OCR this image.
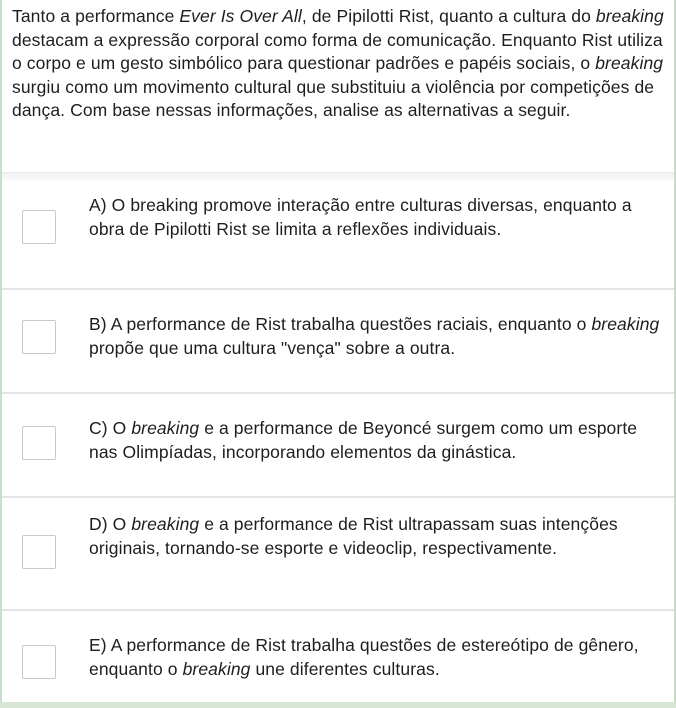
Tanto a performance Ever Is Over All, de Pipilotti Rist, quanto a cultura do breaking destacam a expressão corporal como forma de comunicação. Enquanto Rist utiliza o corpo e um gesto simbólico para questionar padrões e papéis sociais, o breaking surgiu como um movimento cultural que substituiu a violência por competições de dança. Com base nessas informações, analise as alternativas a seguir.
A) O breaking promove interação entre culturas diversas, enquanto a obra de Pipilotti Rist se limita a reflexões individuais.
B) A performance de Rist trabalha questões raciais, enquanto o breaking propõe que uma cultura "vença" sobre a outra.
C) O breaking e a performance de Beyoncé surgem como um esporte nas Olimpíadas, incorporando elementos da ginástica.
D) O breaking e a performance de Rist ultrapassam suas intenções originais, tornando-se esporte e videoclip, respectivamente.
E) A performance de Rist trabalha questões de estereótipo de gênero, enquanto o breaking une diferentes culturas.
